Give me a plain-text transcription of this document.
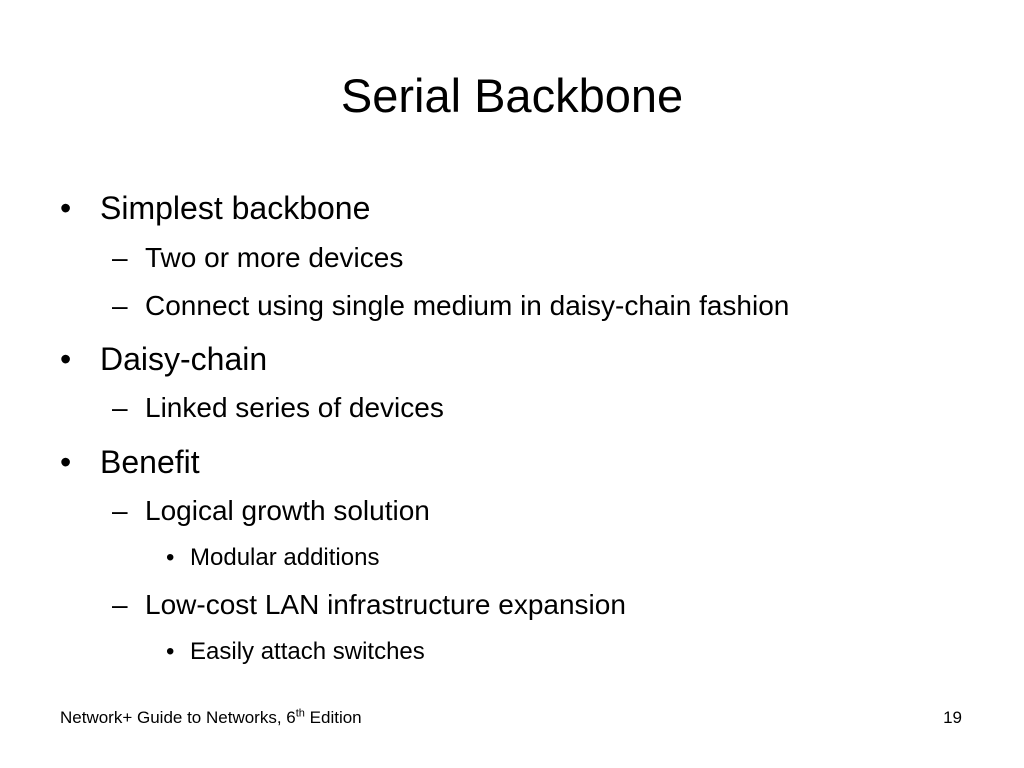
Serial Backbone
• Simplest backbone
– Two or more devices
– Connect using single medium in daisy-chain fashion
• Daisy-chain
– Linked series of devices
• Benefit
– Logical growth solution
• Modular additions
– Low-cost LAN infrastructure expansion
• Easily attach switches
Network+ Guide to Networks, 6th Edition	19
